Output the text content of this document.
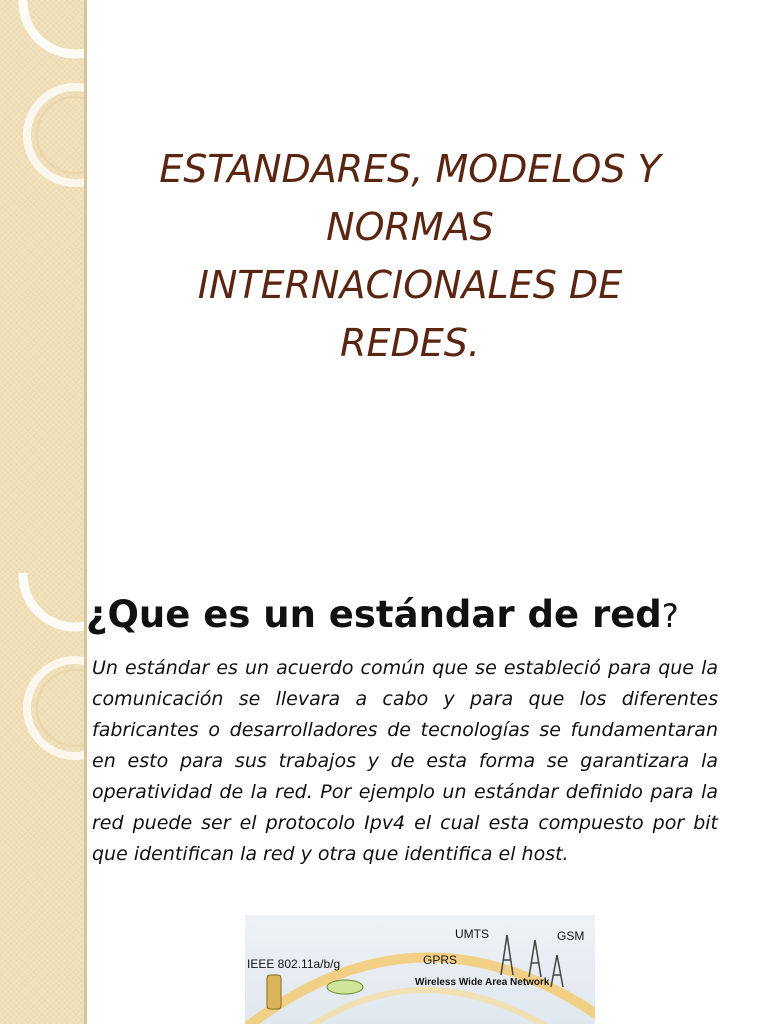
ESTANDARES, MODELOS Y
NORMAS
INTERNACIONALES DE
REDES.
¿Que es un estándar de red?
Un estándar es un acuerdo común que se estableció para que la comunicación se llevara a cabo y para que los diferentes fabricantes o desarrolladores de tecnologías se fundamentaran en esto para sus trabajos y de esta forma se garantizara la operatividad de la red. Por ejemplo un estándar definido para la red puede ser el protocolo Ipv4 el cual esta compuesto por bit que identifican la red y otra que identifica el host.
IEEE 802.11a/b/g
UMTS	GSM
GPRS
Wireless Wide Area Network
